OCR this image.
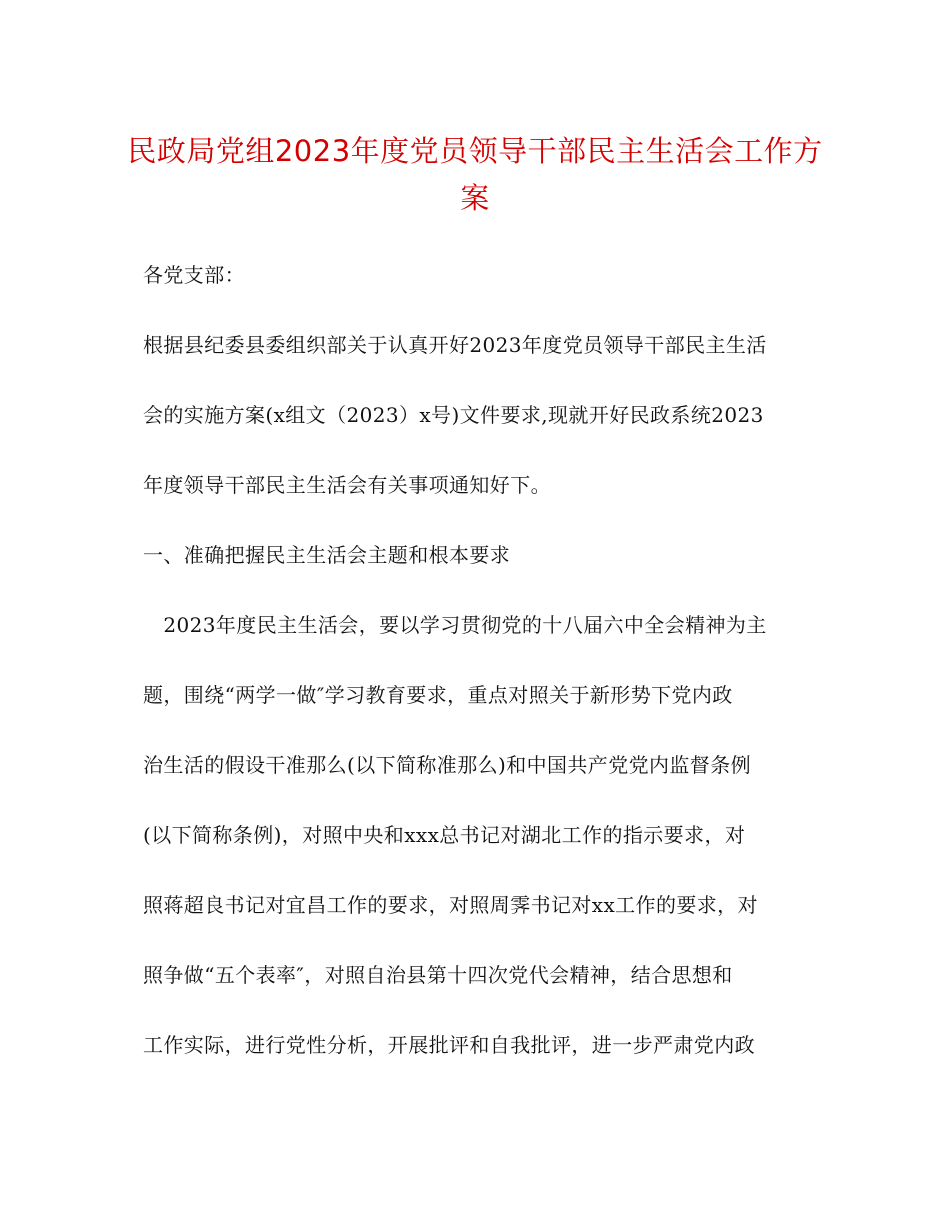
民政局党组2023年度党员领导干部民主生活会工作方
案
各党支部：
根据县纪委县委组织部关于认真开好2023年度党员领导干部民主生活
会的实施方案(x组文（2023）x号)文件要求,现就开好民政系统2023
年度领导干部民主生活会有关事项通知好下。
一、准确把握民主生活会主题和根本要求
　2023年度民主生活会，要以学习贯彻党的十八届六中全会精神为主
题，围绕“两学一做″学习教育要求，重点对照关于新形势下党内政
治生活的假设干准那么(以下简称准那么)和中国共产党党内监督条例
(以下简称条例)，对照中央和xxx总书记对湖北工作的指示要求，对
照蒋超良书记对宜昌工作的要求，对照周霁书记对xx工作的要求，对
照争做“五个表率″，对照自治县第十四次党代会精神，结合思想和
工作实际，进行党性分析，开展批评和自我批评，进一步严肃党内政
